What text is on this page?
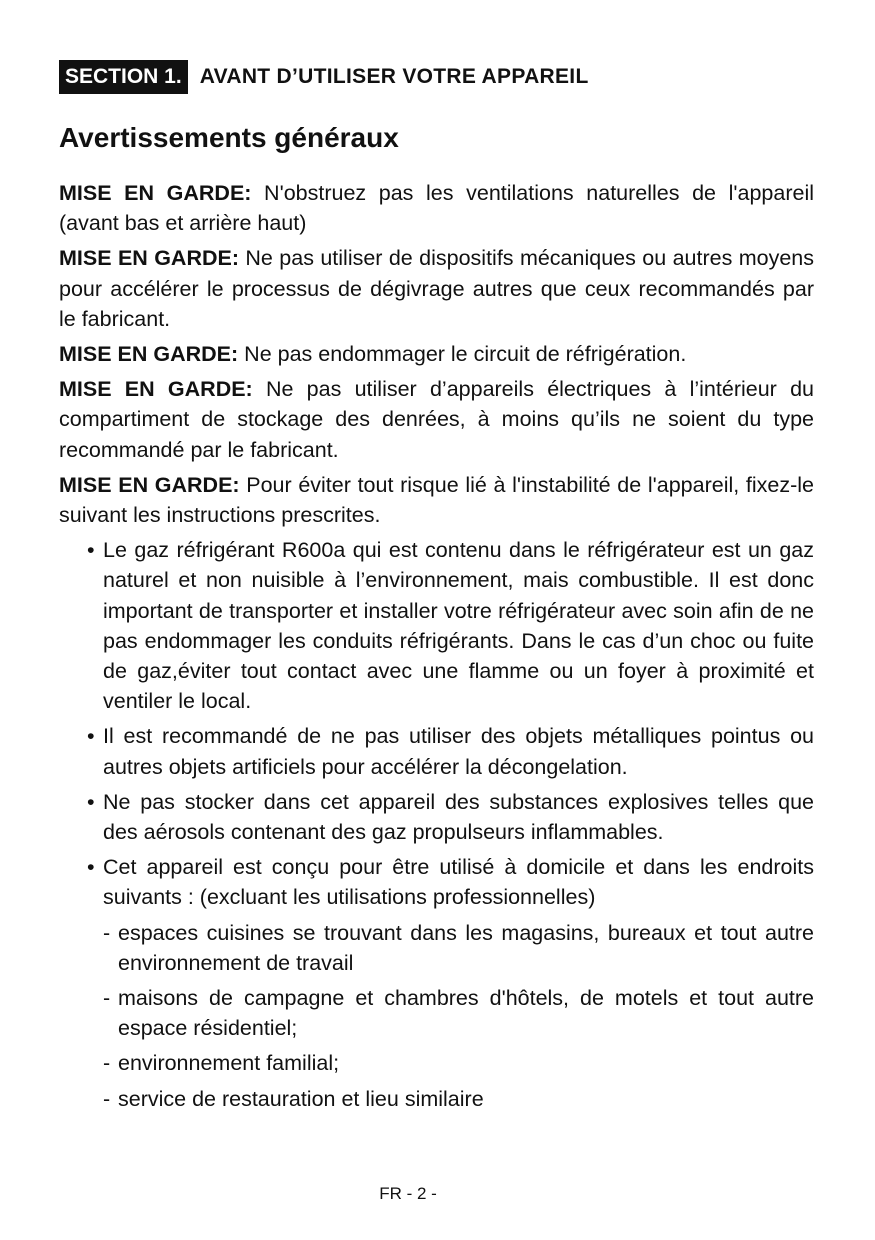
SECTION 1. AVANT D’UTILISER VOTRE APPAREIL
Avertissements généraux

MISE EN GARDE: N'obstruez pas les ventilations naturelles de l'appareil (avant bas et arrière haut)

MISE EN GARDE: Ne pas utiliser de dispositifs mécaniques ou autres moyens pour accélérer le processus de dégivrage autres que ceux recommandés par le fabricant.

MISE EN GARDE: Ne pas endommager le circuit de réfrigération.

MISE EN GARDE: Ne pas utiliser d’appareils électriques à l’intérieur du compartiment de stockage des denrées, à moins qu’ils ne soient du type recommandé par le fabricant.

MISE EN GARDE: Pour éviter tout risque lié à l'instabilité de l'appareil, fixez-le suivant les instructions prescrites.

• Le gaz réfrigérant R600a qui est contenu dans le réfrigérateur est un gaz naturel et non nuisible à l’environnement, mais combustible. Il est donc important de transporter et installer votre réfrigérateur avec soin afin de ne pas endommager les conduits réfrigérants. Dans le cas d’un choc ou fuite de gaz,éviter tout contact avec une flamme ou un foyer à proximité et ventiler le local.
• Il est recommandé de ne pas utiliser des objets métalliques pointus ou autres objets artificiels pour accélérer la décongelation.
• Ne pas stocker dans cet appareil des substances explosives telles que des aérosols contenant des gaz propulseurs inflammables.
• Cet appareil est conçu pour être utilisé à domicile et dans les endroits suivants : (excluant les utilisations professionnelles)
- espaces cuisines se trouvant dans les magasins, bureaux et tout autre environnement de travail
- maisons de campagne et chambres d'hôtels, de motels et tout autre espace résidentiel;
- environnement familial;
- service de restauration et lieu similaire
FR - 2 -
